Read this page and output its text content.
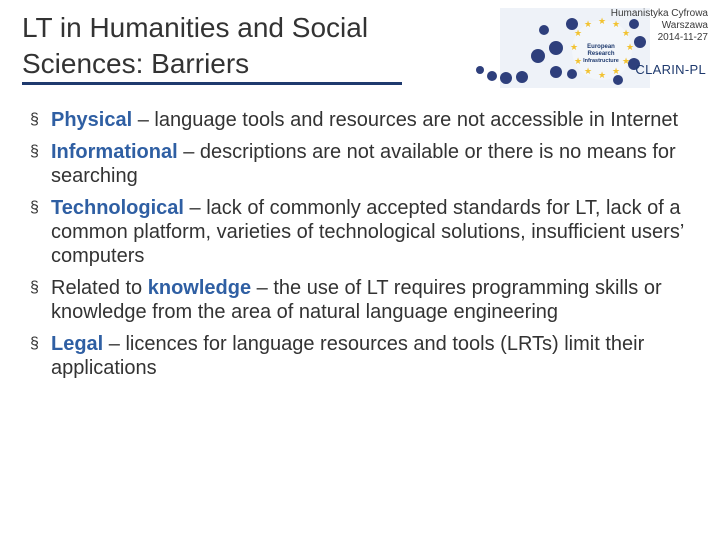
LT in Humanities and Social
Sciences: Barriers
★ ★
★
★
★
★
★
★
★
★
★
★
European
Research
Infrastructure
Humanistyka Cyfrowa
Warszawa
2014-11-27
CLARIN-PL
§ Physical – language tools and resources are not accessible in Internet
§ Informational – descriptions are not available or there is no means for searching
§ Technological – lack of commonly accepted standards for LT, lack of a common platform, varieties of technological solutions, insufficient users’ computers
§ Related to knowledge – the use of LT requires programming skills or knowledge from the area of natural language engineering
§ Legal – licences for language resources and tools (LRTs) limit their applications
